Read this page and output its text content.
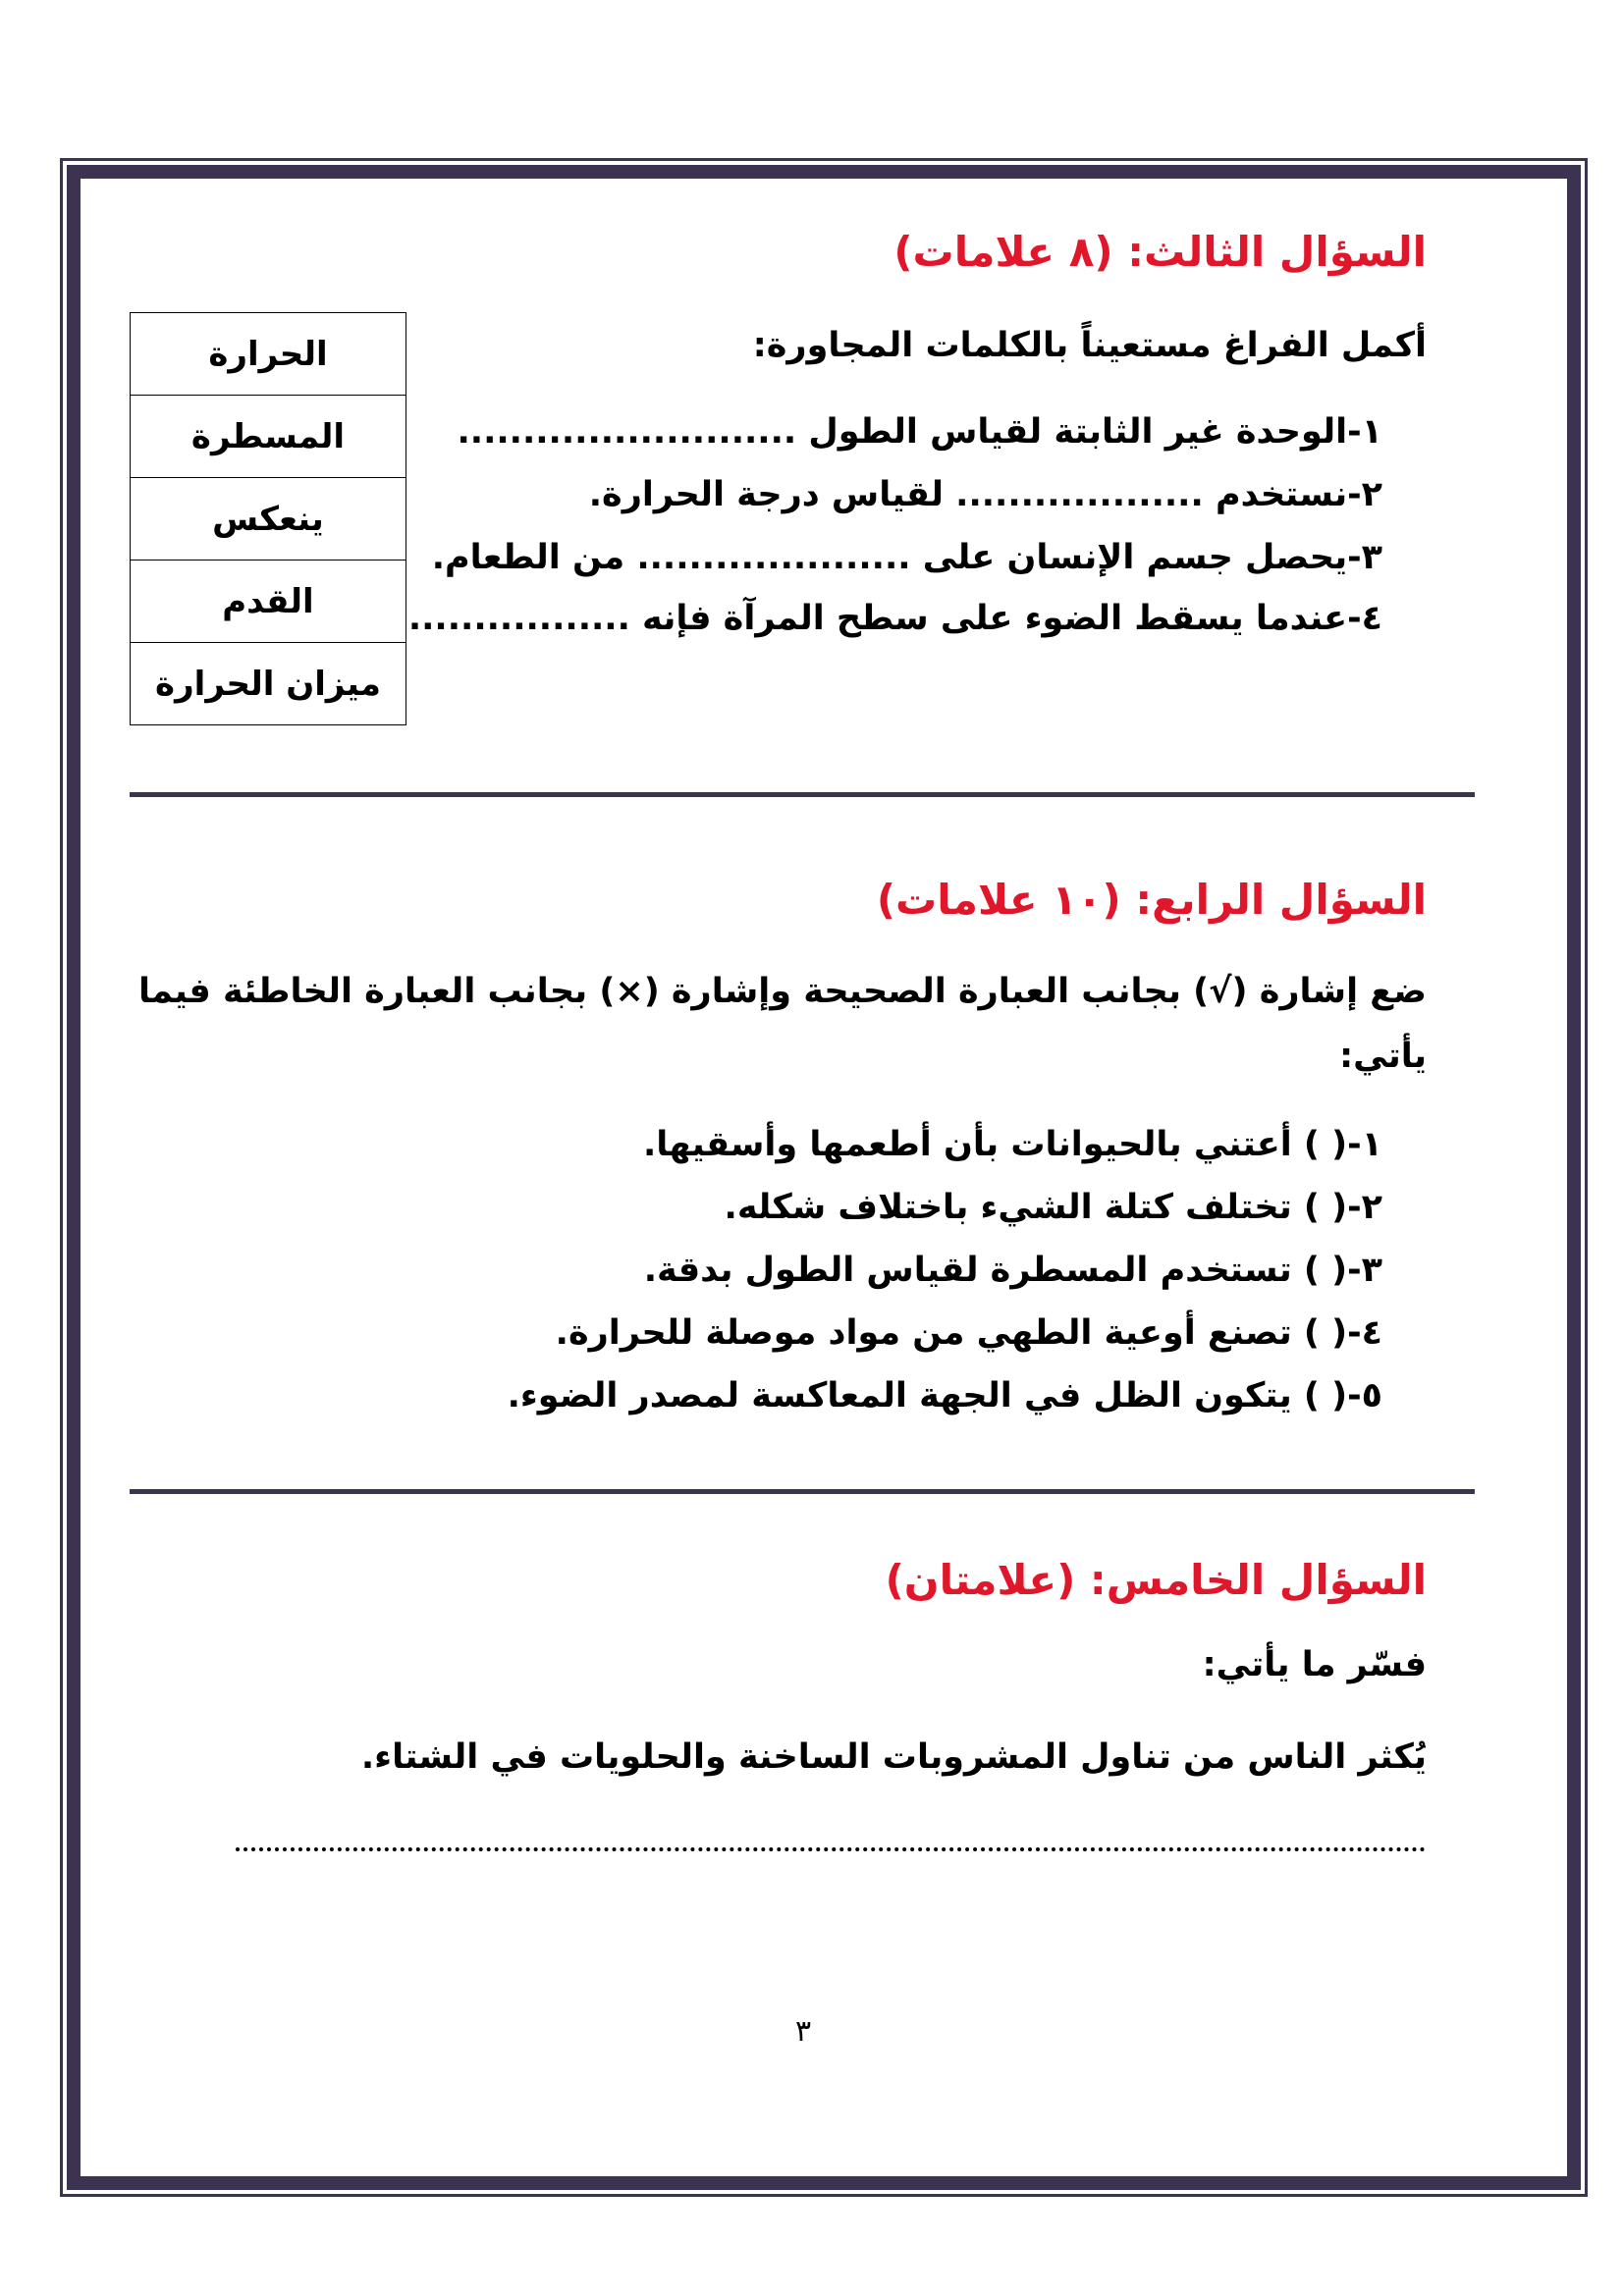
السؤال الثالث: (٨ علامات)
أكمل الفراغ مستعيناً بالكلمات المجاورة:
١-الوحدة غير الثابتة لقياس الطول ..........................
٢-نستخدم ................... لقياس درجة الحرارة.
٣-يحصل جسم الإنسان على ..................... من الطعام.
٤-عندما يسقط الضوء على سطح المرآة فإنه .................
الحرارة
المسطرة
ينعكس
القدم
ميزان الحرارة
السؤال الرابع: (١٠ علامات)
ضع إشارة (√) بجانب العبارة الصحيحة وإشارة (×) بجانب العبارة الخاطئة فيما
يأتي:
١-( ) أعتني بالحيوانات بأن أطعمها وأسقيها.
٢-( ) تختلف كتلة الشيء باختلاف شكله.
٣-( ) تستخدم المسطرة لقياس الطول بدقة.
٤-( ) تصنع أوعية الطهي من مواد موصلة للحرارة.
٥-( ) يتكون الظل في الجهة المعاكسة لمصدر الضوء.
السؤال الخامس: (علامتان)
فسّر ما يأتي:
يُكثر الناس من تناول المشروبات الساخنة والحلويات في الشتاء.
٣
